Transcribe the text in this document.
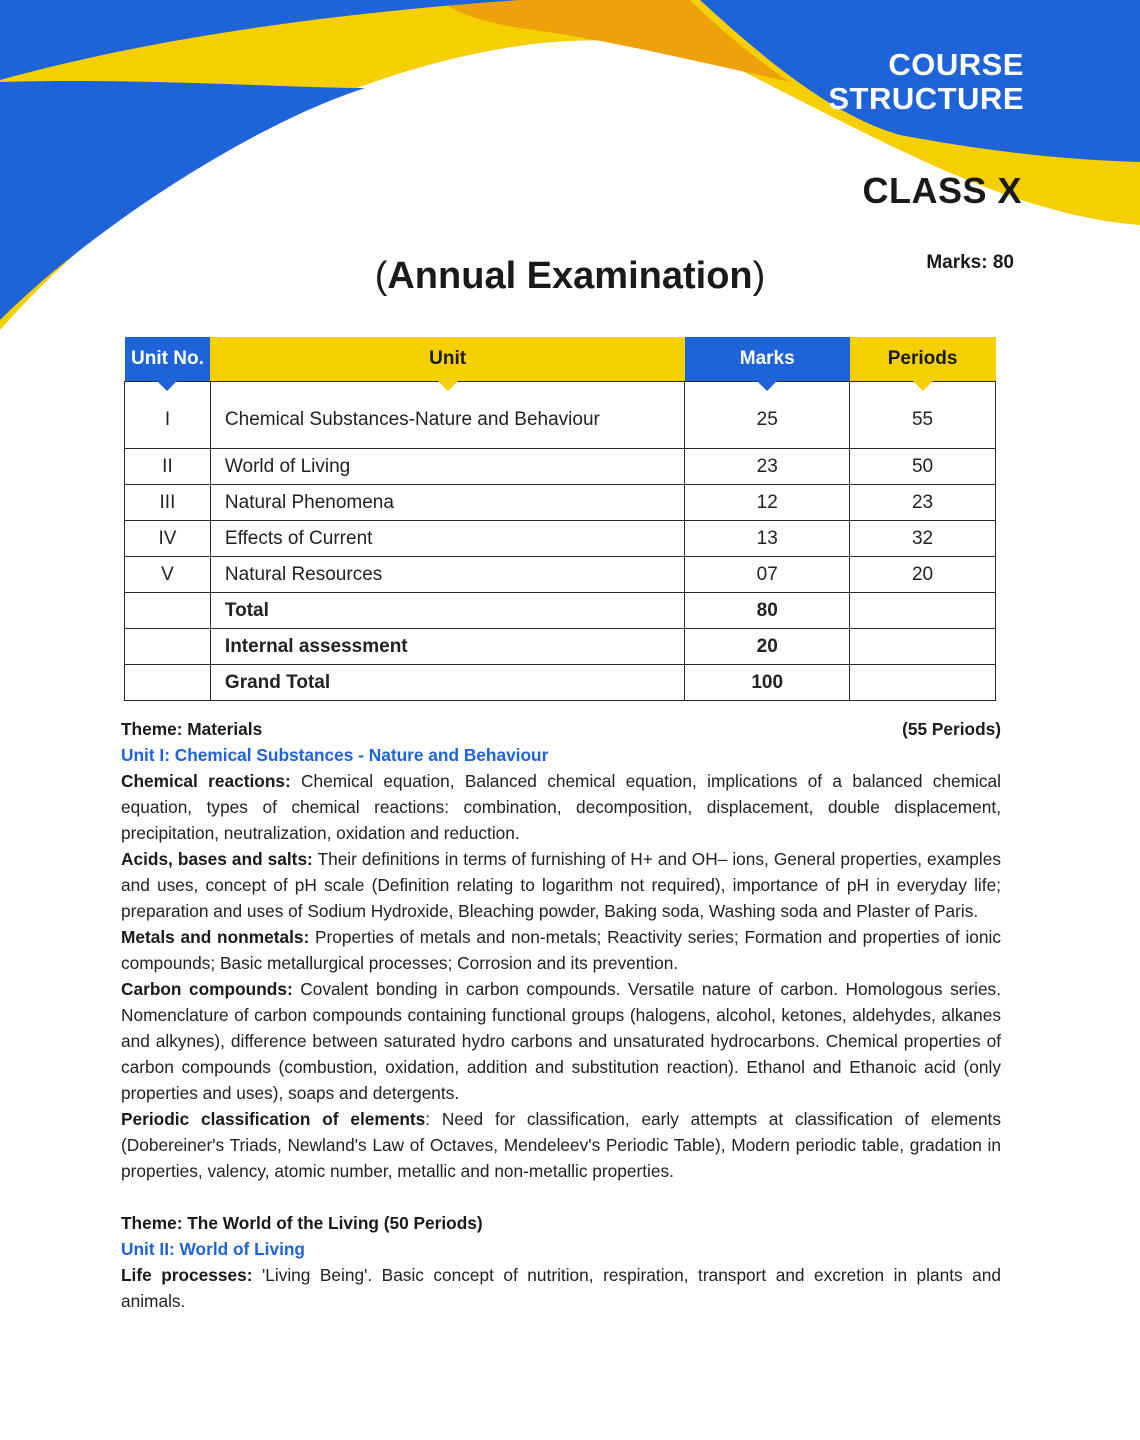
COURSE
STRUCTURE
CLASS X
Marks: 80
(Annual Examination)
Unit No.	Unit	Marks	Periods

I	Chemical Substances-Nature and Behaviour	25	55
II	World of Living	23	50
III	Natural Phenomena	12	23
IV	Effects of Current	13	32
V	Natural Resources	07	20
	Total	80	
	Internal assessment	20	
	Grand Total	100	
Theme: Materials	(55 Periods)
Unit I: Chemical Substances - Nature and Behaviour

Chemical reactions: Chemical equation, Balanced chemical equation, implications of a balanced chemical equation, types of chemical reactions: combination, decomposition, displacement, double displacement, precipitation, neutralization, oxidation and reduction.

Acids, bases and salts: Their definitions in terms of furnishing of H+ and OH– ions, General properties, examples and uses, concept of pH scale (Definition relating to logarithm not required), importance of pH in everyday life; preparation and uses of Sodium Hydroxide, Bleaching powder, Baking soda, Washing soda and Plaster of Paris.

Metals and nonmetals: Properties of metals and non-metals; Reactivity series; Formation and properties of ionic compounds; Basic metallurgical processes; Corrosion and its prevention.

Carbon compounds: Covalent bonding in carbon compounds. Versatile nature of carbon. Homologous series. Nomenclature of carbon compounds containing functional groups (halogens, alcohol, ketones, aldehydes, alkanes and alkynes), difference between saturated hydro carbons and unsaturated hydrocarbons. Chemical properties of carbon compounds (combustion, oxidation, addition and substitution reaction). Ethanol and Ethanoic acid (only properties and uses), soaps and detergents.

Periodic classification of elements: Need for classification, early attempts at classification of elements (Dobereiner's Triads, Newland's Law of Octaves, Mendeleev's Periodic Table), Modern periodic table, gradation in properties, valency, atomic number, metallic and non-metallic properties.

Theme: The World of the Living (50 Periods)
Unit II: World of Living

Life processes: 'Living Being'. Basic concept of nutrition, respiration, transport and excretion in plants and animals.
